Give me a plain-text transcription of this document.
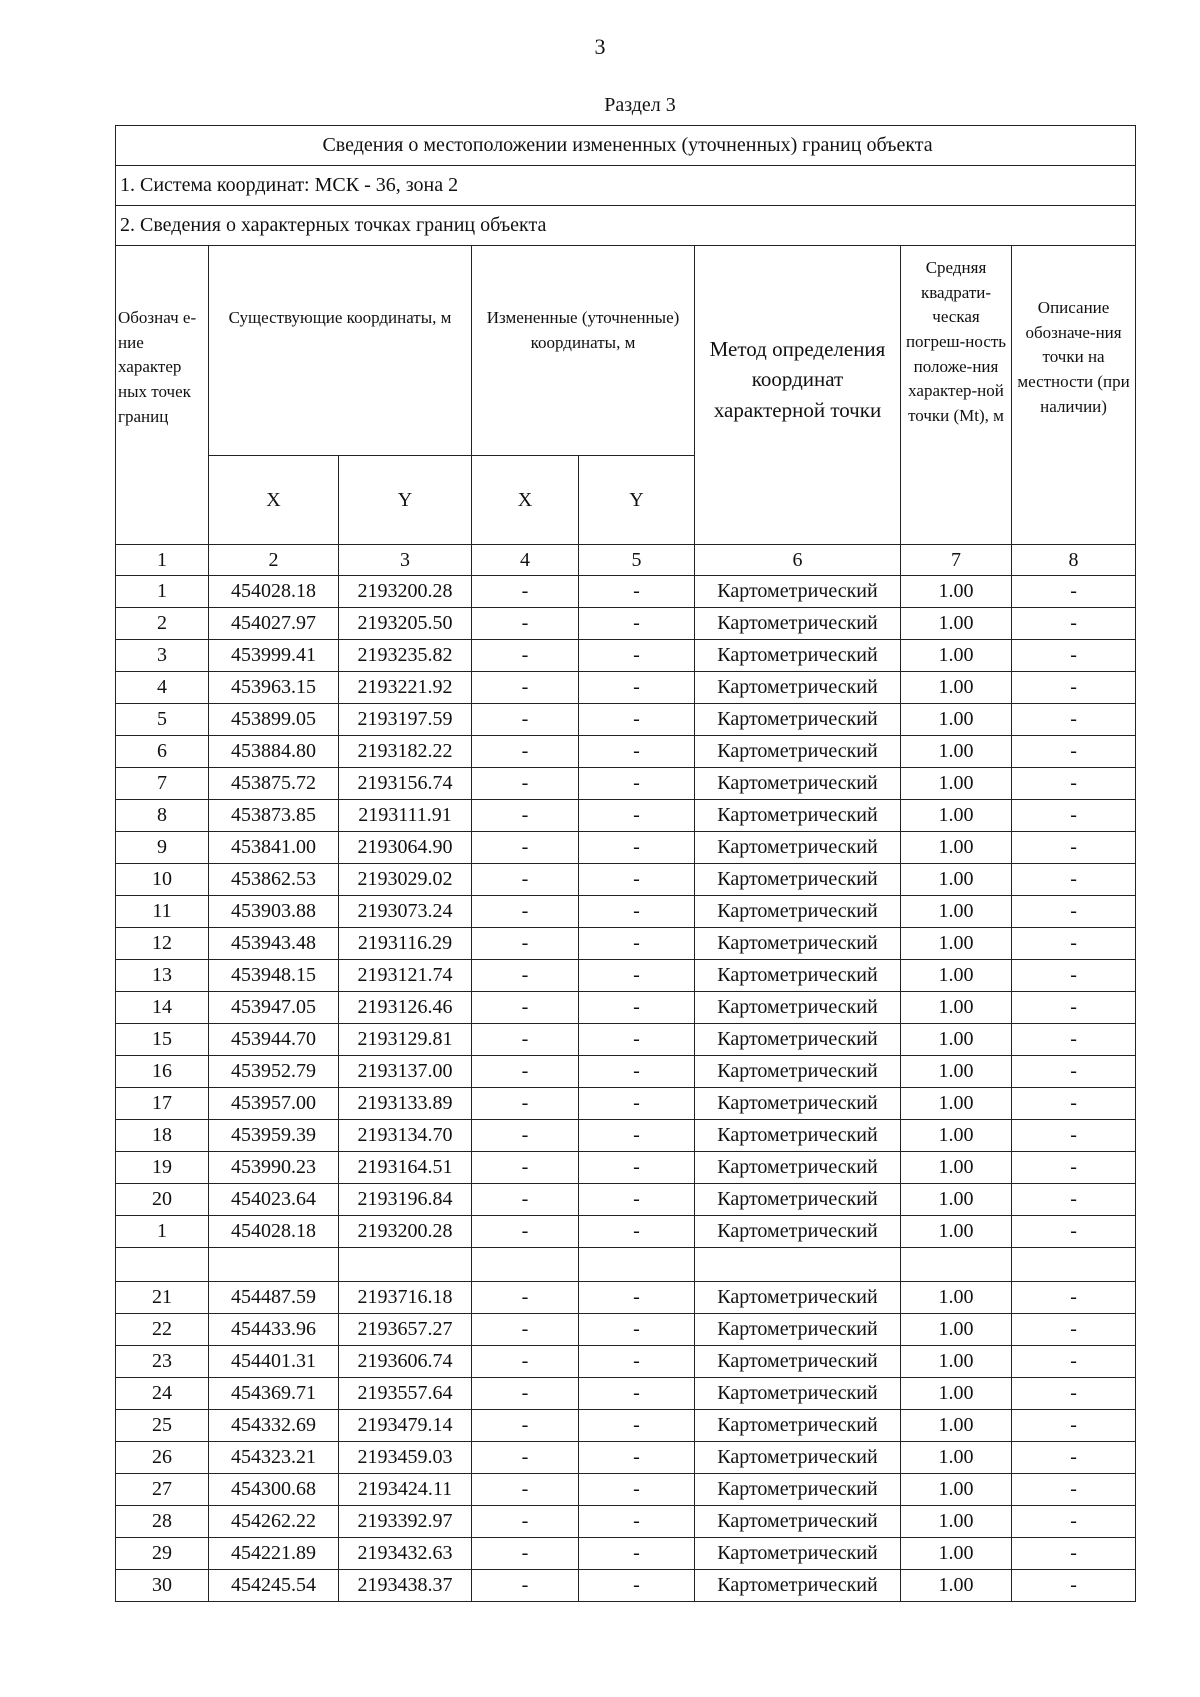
3
Раздел 3
Сведения о местоположении измененных (уточненных) границ объекта							
1. Система координат: МСК - 36, зона 2							
2. Сведения о характерных точках границ объекта							
Обознач е-ние характер ных точек границ	Существующие координаты, м		Измененные (уточненные) координаты, м		Метод определения координат характерной точки	Средняя квадрати-ческая погреш-ность положе-ния характер-ной точки (Mt), м	Описание обозначе-ния точки на местности (при наличии)
	X	Y	X	Y			
1	2	3	4	5	6	7	8
1	454028.18	2193200.28	-	-	Картометрический	1.00	-
2	454027.97	2193205.50	-	-	Картометрический	1.00	-
3	453999.41	2193235.82	-	-	Картометрический	1.00	-
4	453963.15	2193221.92	-	-	Картометрический	1.00	-
5	453899.05	2193197.59	-	-	Картометрический	1.00	-
6	453884.80	2193182.22	-	-	Картометрический	1.00	-
7	453875.72	2193156.74	-	-	Картометрический	1.00	-
8	453873.85	2193111.91	-	-	Картометрический	1.00	-
9	453841.00	2193064.90	-	-	Картометрический	1.00	-
10	453862.53	2193029.02	-	-	Картометрический	1.00	-
11	453903.88	2193073.24	-	-	Картометрический	1.00	-
12	453943.48	2193116.29	-	-	Картометрический	1.00	-
13	453948.15	2193121.74	-	-	Картометрический	1.00	-
14	453947.05	2193126.46	-	-	Картометрический	1.00	-
15	453944.70	2193129.81	-	-	Картометрический	1.00	-
16	453952.79	2193137.00	-	-	Картометрический	1.00	-
17	453957.00	2193133.89	-	-	Картометрический	1.00	-
18	453959.39	2193134.70	-	-	Картометрический	1.00	-
19	453990.23	2193164.51	-	-	Картометрический	1.00	-
20	454023.64	2193196.84	-	-	Картометрический	1.00	-
1	454028.18	2193200.28	-	-	Картометрический	1.00	-

21	454487.59	2193716.18	-	-	Картометрический	1.00	-
22	454433.96	2193657.27	-	-	Картометрический	1.00	-
23	454401.31	2193606.74	-	-	Картометрический	1.00	-
24	454369.71	2193557.64	-	-	Картометрический	1.00	-
25	454332.69	2193479.14	-	-	Картометрический	1.00	-
26	454323.21	2193459.03	-	-	Картометрический	1.00	-
27	454300.68	2193424.11	-	-	Картометрический	1.00	-
28	454262.22	2193392.97	-	-	Картометрический	1.00	-
29	454221.89	2193432.63	-	-	Картометрический	1.00	-
30	454245.54	2193438.37	-	-	Картометрический	1.00	-
